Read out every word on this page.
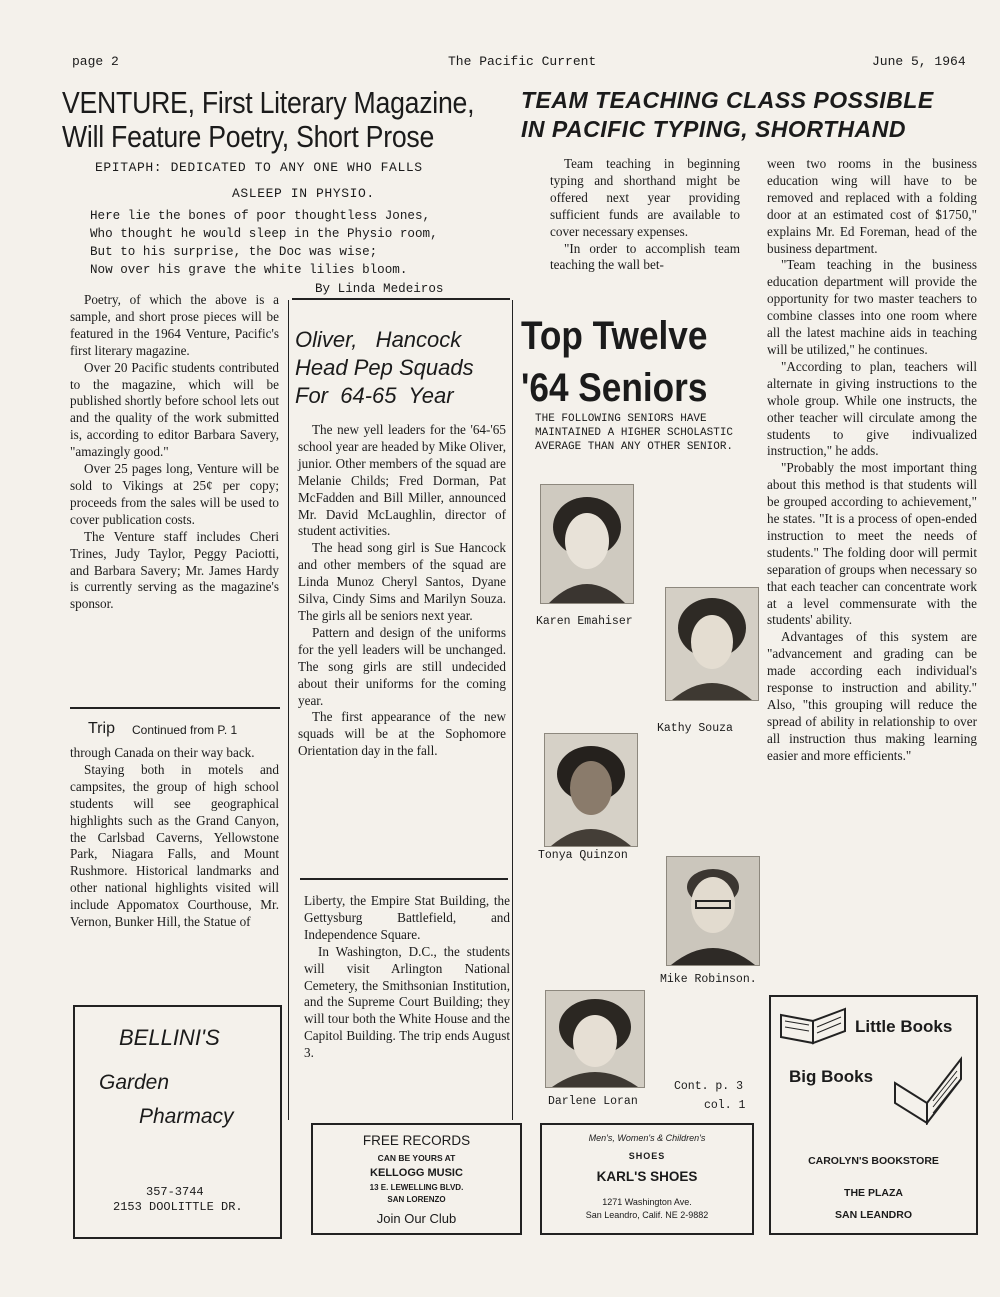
page 2	The Pacific Current	June 5, 1964
VENTURE, First Literary Magazine,
Will Feature Poetry, Short Prose
EPITAPH: DEDICATED TO ANY ONE WHO FALLS
ASLEEP IN PHYSIO.
Here lie the bones of poor thoughtless Jones,
Who thought he would sleep in the Physio room,
But to his surprise, the Doc was wise;
Now over his grave the white lilies bloom.
By Linda Medeiros

Poetry, of which the above is a sample, and short prose pieces will be featured in the 1964 Venture, Pacific's first literary magazine.

Over 20 Pacific students contributed to the magazine, which will be published shortly before school lets out and the quality of the work submitted is, according to editor Barbara Savery, "amazingly good."

Over 25 pages long, Venture will be sold to Vikings at 25¢ per copy; proceeds from the sales will be used to cover publication costs.

The Venture staff includes Cheri Trines, Judy Taylor, Peggy Paciotti, and Barbara Savery; Mr. James Hardy is currently serving as the magazine's sponsor.

Trip Continued from P. 1

through Canada on their way back.

Staying both in motels and campsites, the group of high school students will see geographical highlights such as the Grand Canyon, the Carlsbad Caverns, Yellowstone Park, Niagara Falls, and Mount Rushmore. Historical landmarks and other national highlights visited will include Appomatox Courthouse, Mr. Vernon, Bunker Hill, the Statue of

Oliver,   Hancock
Head Pep Squads
For  64-65  Year

The new yell leaders for the '64-'65 school year are headed by Mike Oliver, junior. Other members of the squad are Melanie Childs; Fred Dorman, Pat McFadden and Bill Miller, announced Mr. David McLaughlin, director of student activities.

The head song girl is Sue Hancock and other members of the squad are Linda Munoz Cheryl Santos, Dyane Silva, Cindy Sims and Marilyn Souza. The girls all be seniors next year.

Pattern and design of the uniforms for the yell leaders will be unchanged. The song girls are still undecided about their uniforms for the coming year.

The first appearance of the new squads will be at the Sophomore Orientation day in the fall.

Liberty, the Empire Stat Building, the Gettysburg Battlefield, and Independence Square.

In Washington, D.C., the students will visit Arlington National Cemetery, the Smithsonian Institution, and the Supreme Court Building; they will tour both the White House and the Capitol Building. The trip ends August 3.

TEAM TEACHING CLASS POSSIBLE
IN PACIFIC TYPING, SHORTHAND

Team teaching in beginning typing and shorthand might be offered next year providing sufficient funds are available to cover necessary expenses.

"In order to accomplish team teaching the wall bet-

ween two rooms in the business education wing will have to be removed and replaced with a folding door at an estimated cost of $1750," explains Mr. Ed Foreman, head of the business department.

"Team teaching in the business education department will provide the opportunity for two master teachers to combine classes into one room where all the latest machine aids in teaching will be utilized," he continues.

"According to plan, teachers will alternate in giving instructions to the whole group. While one instructs, the other teacher will circulate among the students to give indivualized instruction," he adds.

"Probably the most important thing about this method is that students will be grouped according to achievement," he states. "It is a process of open-ended instruction to meet the needs of students." The folding door will permit separation of groups when necessary so that each teacher can concentrate work at a level commensurate with the students' ability.

Advantages of this system are "advancement and grading can be made according each individual's response to instruction and ability." Also, "this grouping will reduce the spread of ability in relationship to over all instruction thus making learning easier and more efficients."

Top Twelve
'64 Seniors
THE FOLLOWING SENIORS HAVE MAINTAINED A HIGHER SCHOLASTIC AVERAGE THAN ANY OTHER SENIOR.
Karen Emahiser
Kathy Souza
Tonya Quinzon
Mike Robinson.
Darlene Loran
Cont. p. 3
col. 1
BELLINI'S
Garden
Pharmacy
357-3744
2153 DOOLITTLE DR.
FREE RECORDS
CAN BE YOURS AT
KELLOGG MUSIC
13 E. LEWELLING BLVD.
SAN LORENZO
Join Our Club
Men's, Women's & Children's
SHOES
KARL'S SHOES
1271 Washington Ave.
San Leandro, Calif. NE 2-9882
Little Books
Big Books
CAROLYN'S BOOKSTORE
THE PLAZA
SAN LEANDRO
